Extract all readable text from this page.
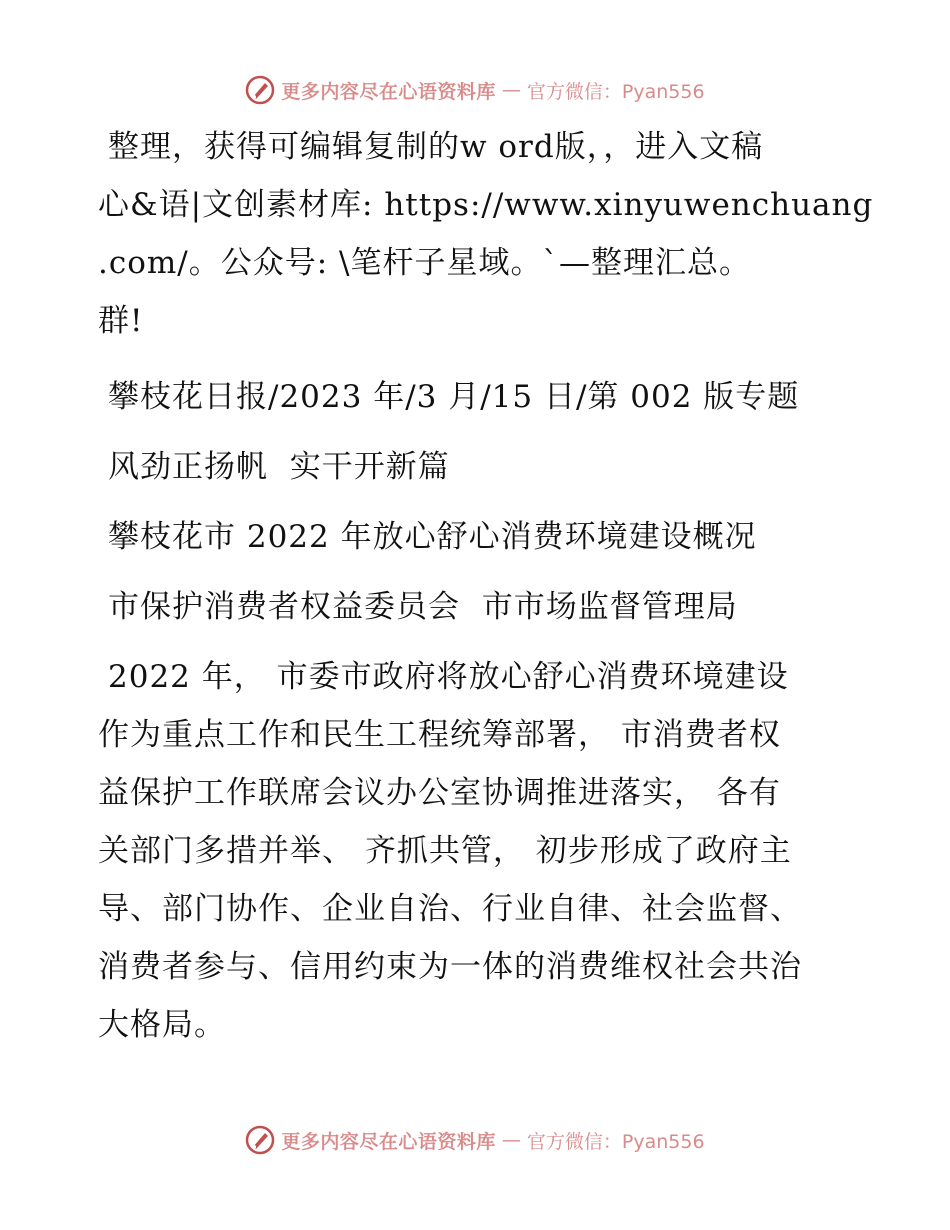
更多内容尽在心语资料库 — 官方微信：Pyan556
整理，获得可编辑复制的w ord版，，进入文稿
心&语|文创素材库: https://www.xinyuwenchuang
.com/。公众号: \笔杆子星域。`—整理汇总。
群!
攀枝花日报/2023 年/3 月/15 日/第 002 版专题
风劲正扬帆  实干开新篇
攀枝花市 2022 年放心舒心消费环境建设概况
市保护消费者权益委员会  市市场监督管理局
2022 年， 市委市政府将放心舒心消费环境建设
作为重点工作和民生工程统筹部署， 市消费者权
益保护工作联席会议办公室协调推进落实， 各有
关部门多措并举、 齐抓共管， 初步形成了政府主
导、部门协作、企业自治、行业自律、社会监督、
消费者参与、信用约束为一体的消费维权社会共治
大格局。
更多内容尽在心语资料库 — 官方微信：Pyan556
